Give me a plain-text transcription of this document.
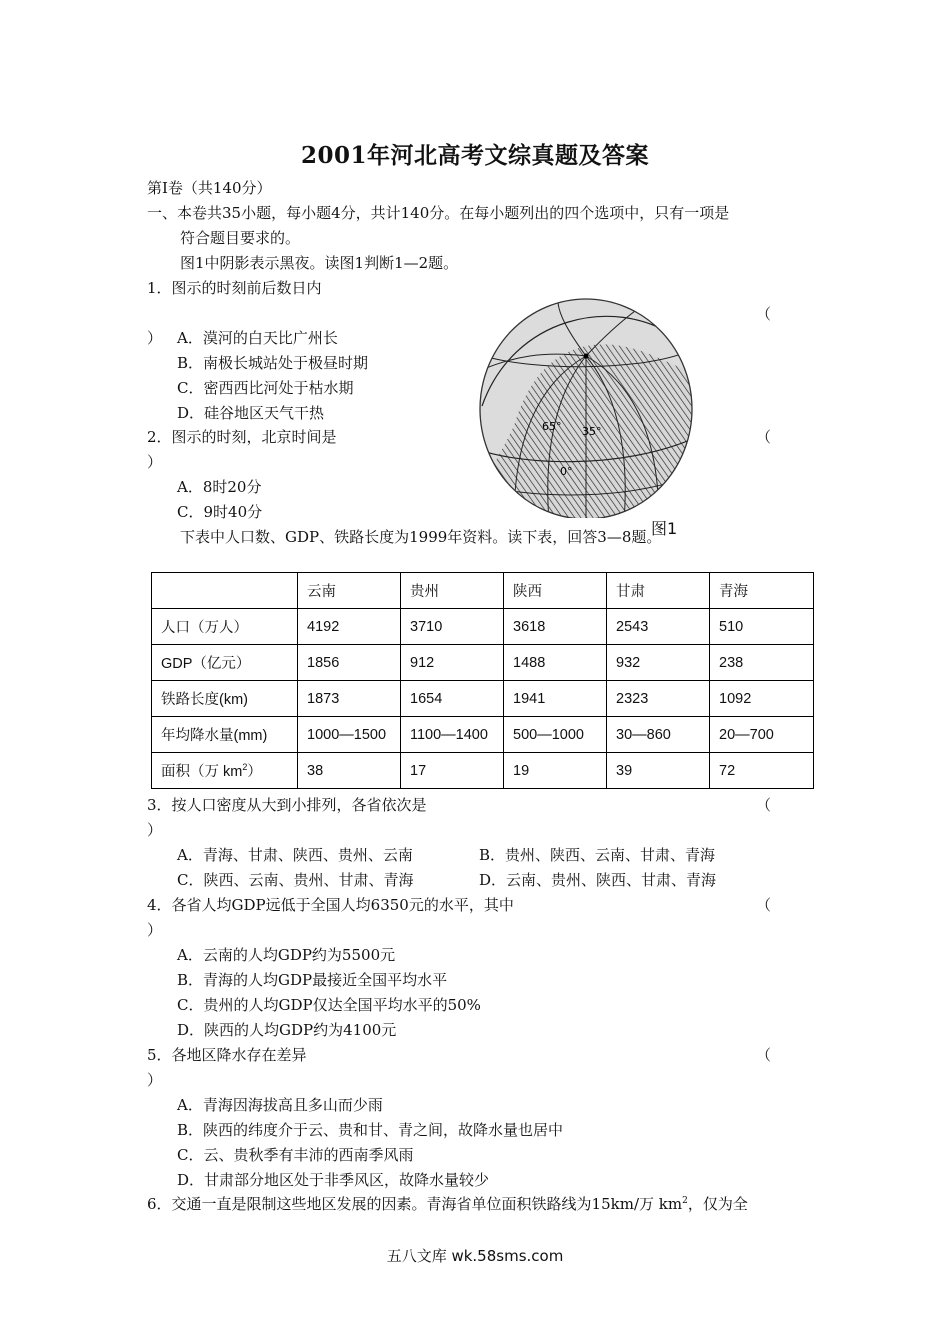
2001年河北高考文综真题及答案
第Ⅰ卷（共140分）
一、本卷共35小题，每小题4分，共计140分。在每小题列出的四个选项中，只有一项是
符合题目要求的。
图1中阴影表示黑夜。读图1判断1—2题。
1．图示的时刻前后数日内
（
） A．漠河的白天比广州长
B．南极长城站处于极昼时期
C．密西西比河处于枯水期
D．硅谷地区天气干热
2．图示的时刻，北京时间是	（
）
A．8时20分
C．9时40分
下表中人口数、GDP、铁路长度为1999年资料。读下表，回答3—8题。
65° 35°
0°
图1
	云南	贵州	陕西	甘肃	青海
人口（万人）	4192	3710	3618	2543	510
GDP（亿元）	1856	912	1488	932	238
铁路长度(km)	1873	1654	1941	2323	1092
年均降水量(mm)	1000—1500	1100—1400	500—1000	30—860	20—700
面积（万 $km^2$）	38	17	19	39	72
3．按人口密度从大到小排列，各省依次是	（
）
A．青海、甘肃、陕西、贵州、云南	B．贵州、陕西、云南、甘肃、青海
C．陕西、云南、贵州、甘肃、青海	D．云南、贵州、陕西、甘肃、青海
4．各省人均GDP远低于全国人均6350元的水平，其中	（
）
A．云南的人均GDP约为5500元
B．青海的人均GDP最接近全国平均水平
C．贵州的人均GDP仅达全国平均水平的50%
D．陕西的人均GDP约为4100元
5．各地区降水存在差异	（
）
A．青海因海拔高且多山而少雨
B．陕西的纬度介于云、贵和甘、青之间，故降水量也居中
C．云、贵秋季有丰沛的西南季风雨
D．甘肃部分地区处于非季风区，故降水量较少
6．交通一直是限制这些地区发展的因素。青海省单位面积铁路线为15km/万 $km^2$，仅为全
五八文库 wk.58sms.com
